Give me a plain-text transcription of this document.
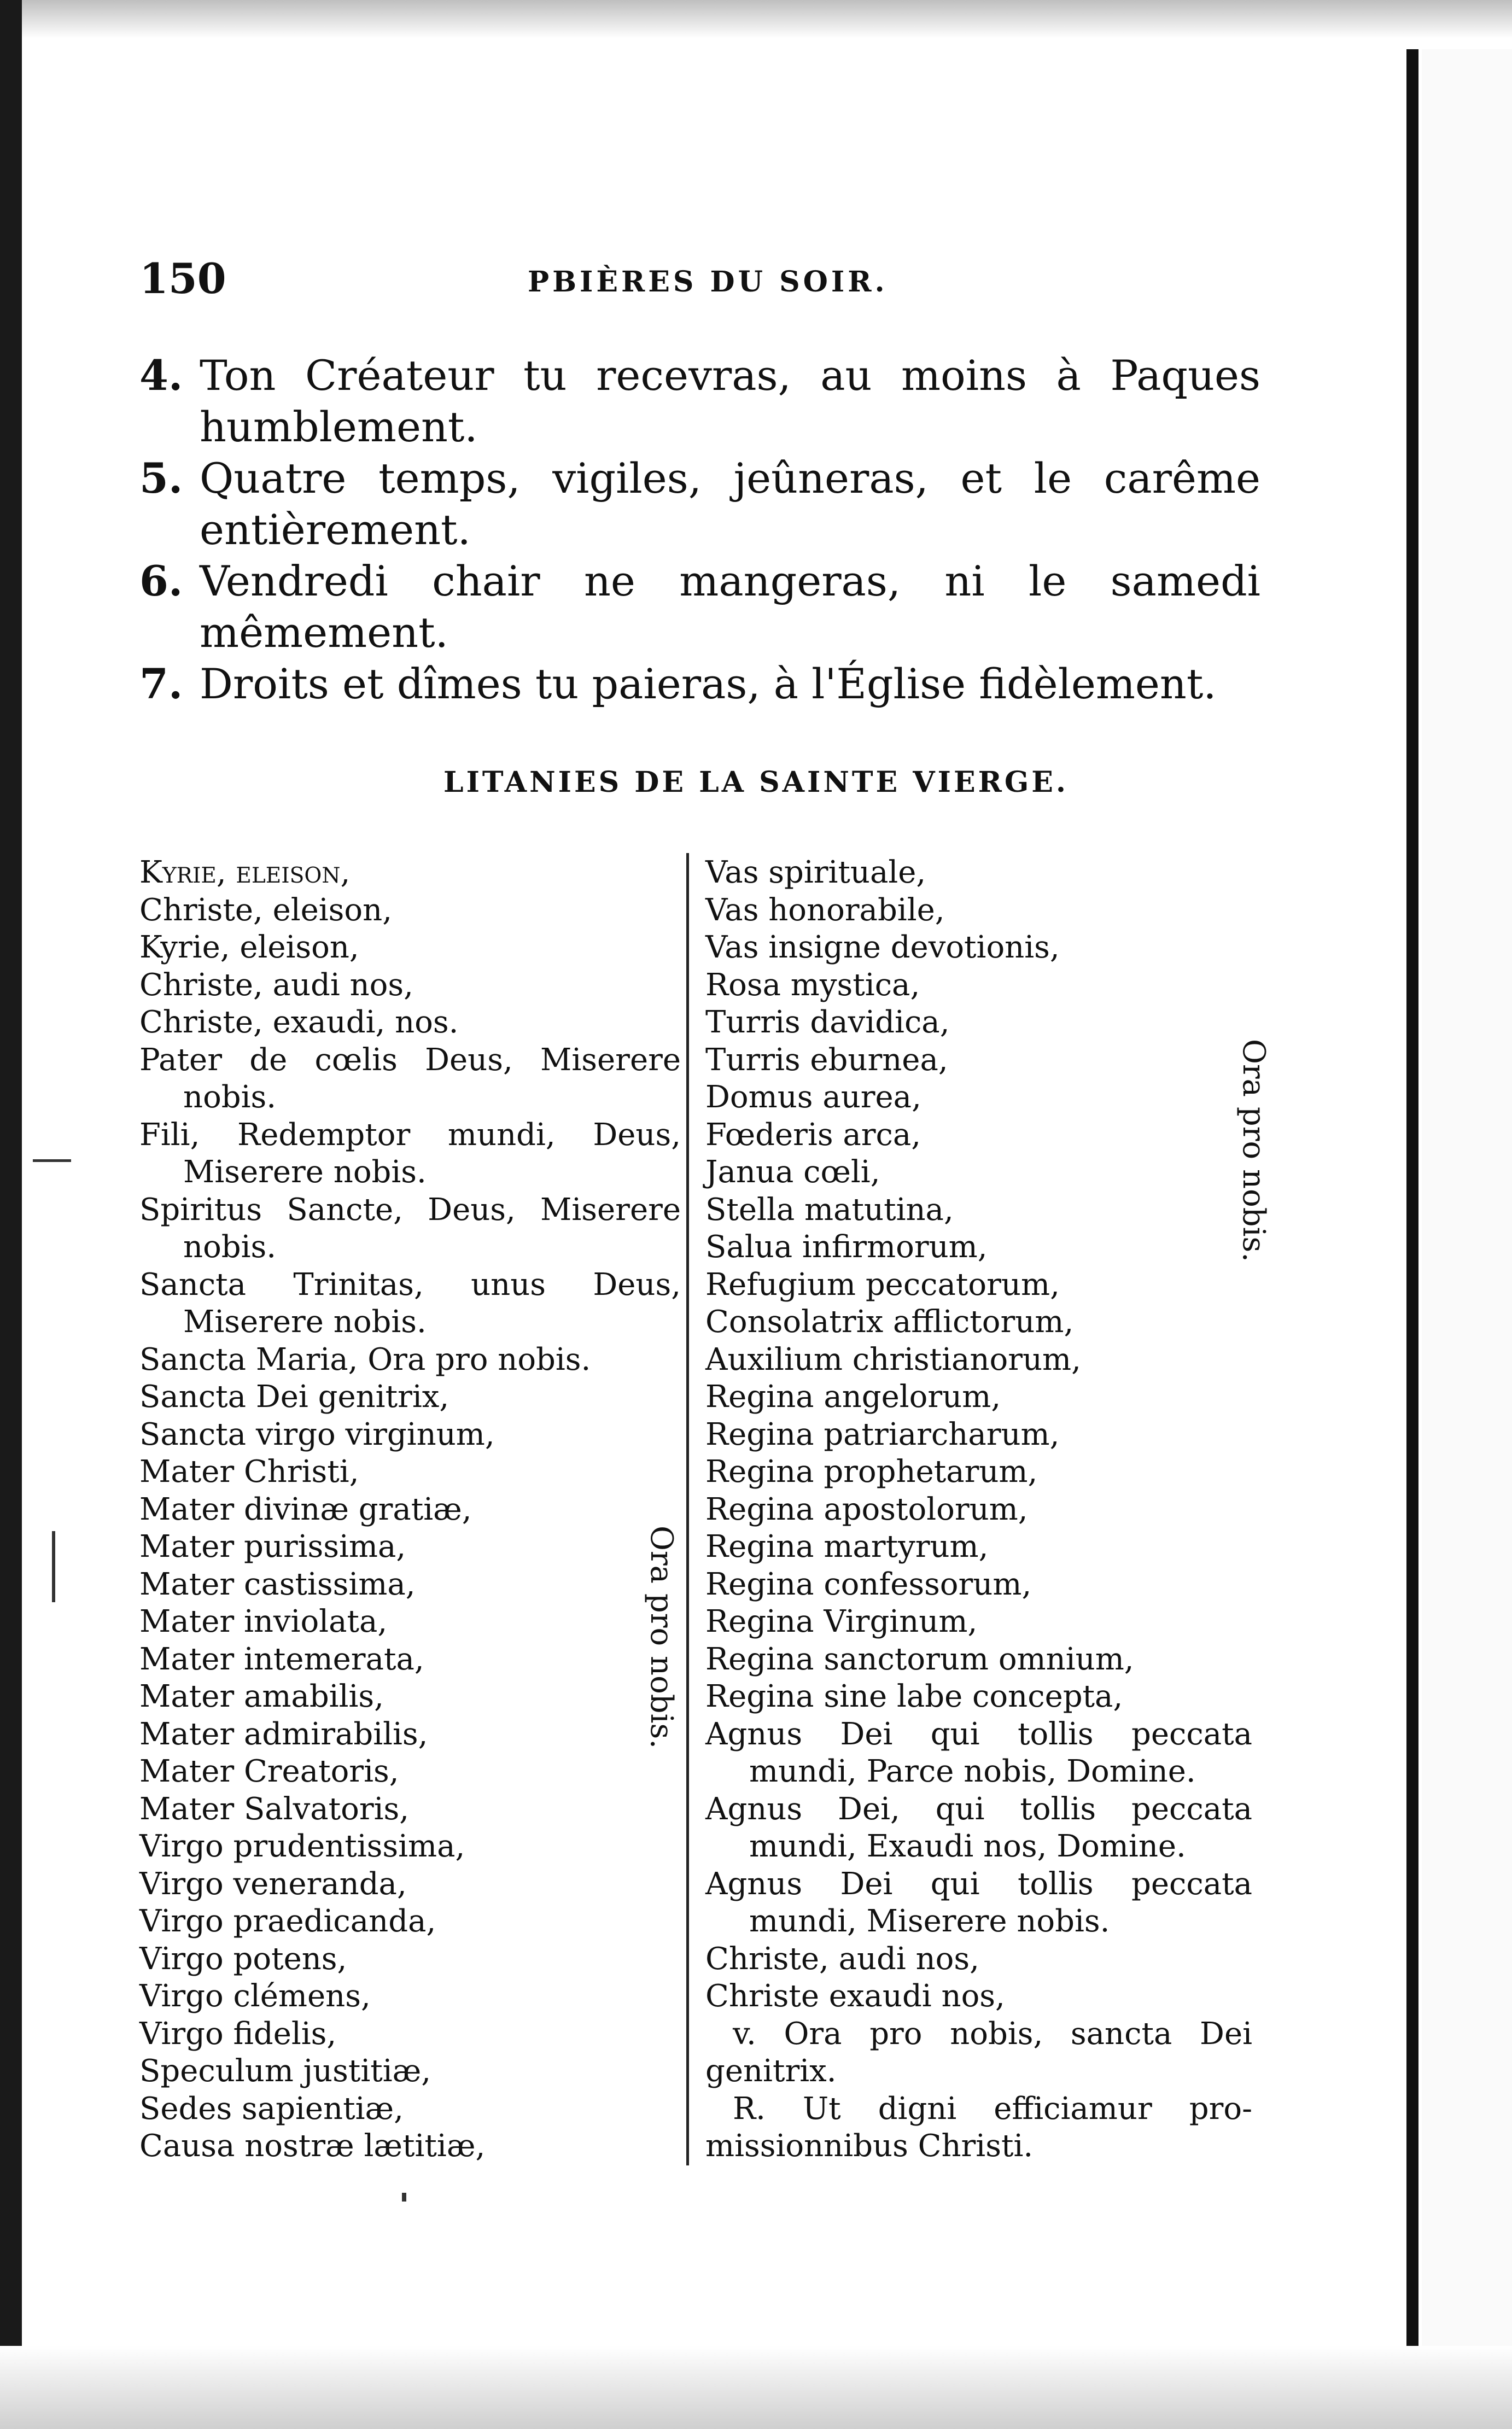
150	PBIÈRES DU SOIR.

4. Ton Créateur tu recevras, au moins à Paques humblement.

5. Quatre temps, vigiles, jeûneras, et le carême entièrement.

6. Vendredi chair ne mangeras, ni le samedi mêmement.

7. Droits et dîmes tu paieras, à l'Église fidèlement.

LITANIES DE LA SAINTE VIERGE.
Kyrie, eleison,
Christe, eleison,
Kyrie, eleison,
Christe, audi nos,
Christe, exaudi, nos.
Pater de cœlis Deus, Miserere
nobis.
Fili, Redemptor mundi, Deus,
Miserere nobis.
Spiritus Sancte, Deus, Miserere
nobis.
Sancta Trinitas, unus Deus,
Miserere nobis.
Sancta Maria, Ora pro nobis.
Sancta Dei genitrix,
Sancta virgo virginum,
Mater Christi,
Mater divinæ gratiæ,
Mater purissima,
Mater castissima,
Mater inviolata,
Mater intemerata,
Mater amabilis,
Mater admirabilis,
Mater Creatoris,
Mater Salvatoris,
Virgo prudentissima,
Virgo veneranda,
Virgo praedicanda,
Virgo potens,
Virgo clémens,
Virgo fidelis,
Speculum justitiæ,
Sedes sapientiæ,
Causa nostræ lætitiæ,
Vas spirituale,
Vas honorabile,
Vas insigne devotionis,
Rosa mystica,
Turris davidica,
Turris eburnea,
Domus aurea,
Fœderis arca,
Janua cœli,
Stella matutina,
Salua infirmorum,
Refugium peccatorum,
Consolatrix afflictorum,
Auxilium christianorum,
Regina angelorum,
Regina patriarcharum,
Regina prophetarum,
Regina apostolorum,
Regina martyrum,
Regina confessorum,
Regina Virginum,
Regina sanctorum omnium,
Regina sine labe concepta,
Agnus Dei qui tollis peccata
mundi, Parce nobis, Domine.
Agnus Dei, qui tollis peccata
mundi, Exaudi nos, Domine.
Agnus Dei qui tollis peccata
mundi, Miserere nobis.
Christe, audi nos,
Christe exaudi nos,
v. Ora pro nobis, sancta Dei
genitrix.
R. Ut digni efficiamur pro-
missionnibus Christi.
Ora pro nobis.
Ora pro nobis.
